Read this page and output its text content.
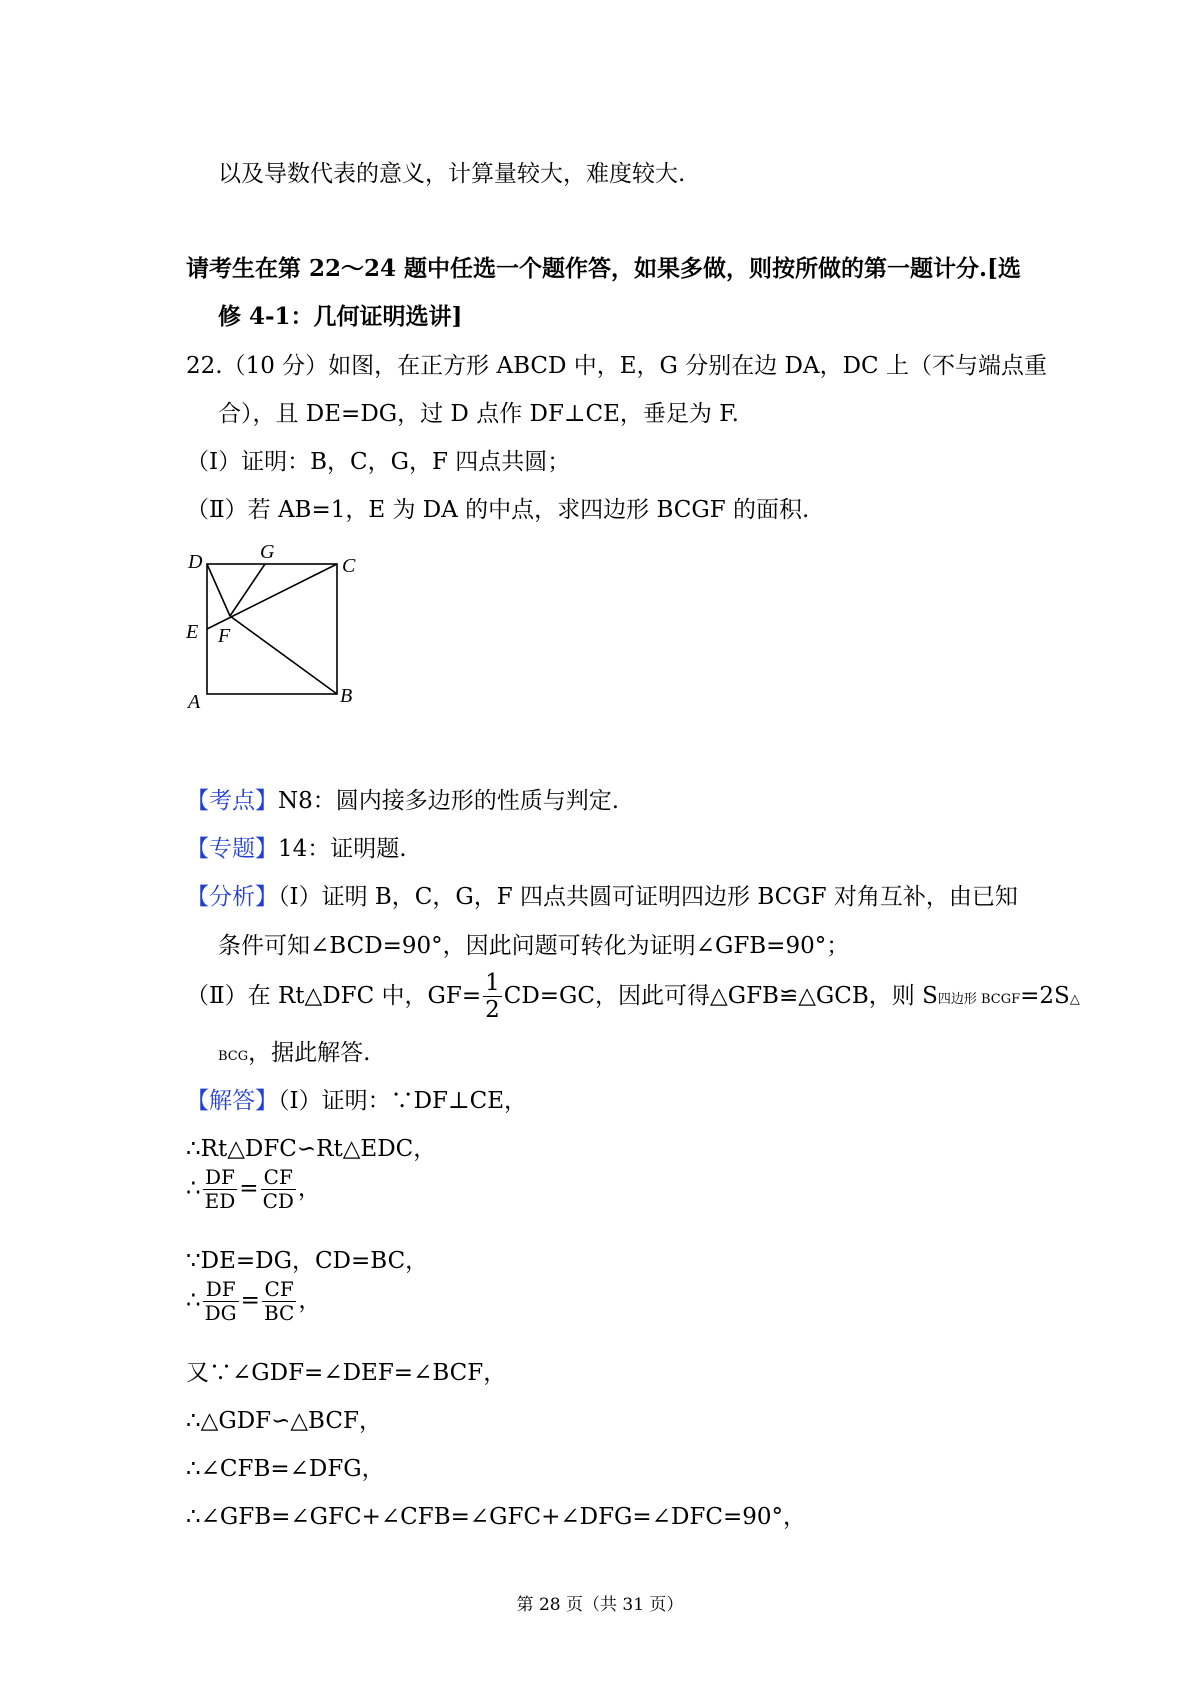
以及导数代表的意义，计算量较大，难度较大.
请考生在第 22～24 题中任选一个题作答，如果多做，则按所做的第一题计分.[选
修 4-1：几何证明选讲]
22.（10 分）如图，在正方形 ABCD 中，E，G 分别在边 DA，DC 上（不与端点重
合），且 DE=DG，过 D 点作 DF⊥CE，垂足为 F.
（Ⅰ）证明：B，C，G，F 四点共圆；
（Ⅱ）若 AB=1，E 为 DA 的中点，求四边形 BCGF 的面积.
D	G
C
E F
A	B
【考点】N8：圆内接多边形的性质与判定.
【专题】14：证明题.
【分析】（Ⅰ）证明 B，C，G，F 四点共圆可证明四边形 BCGF 对角互补，由已知
条件可知∠BCD=90°，因此问题可转化为证明∠GFB=90°；
（Ⅱ）在 Rt△DFC 中，$GF= \frac{1}{2} CD=GC$，因此可得△GFB≌△GCB，则 S四边形 BCGF=2S△
BCG，据此解答.
【解答】（Ⅰ）证明：∵DF⊥CE，
∴Rt△DFC∽Rt△EDC，
∴ $\frac{DF}{ED} = \frac{CF}{CD}$ ，
∵DE=DG，CD=BC，
∴ $\frac{DF}{DG} = \frac{CF}{BC}$ ，
又∵∠GDF=∠DEF=∠BCF，
∴△GDF∽△BCF，
∴∠CFB=∠DFG，
∴∠GFB=∠GFC+∠CFB=∠GFC+∠DFG=∠DFC=90°，
第 28 页（共 31 页）
